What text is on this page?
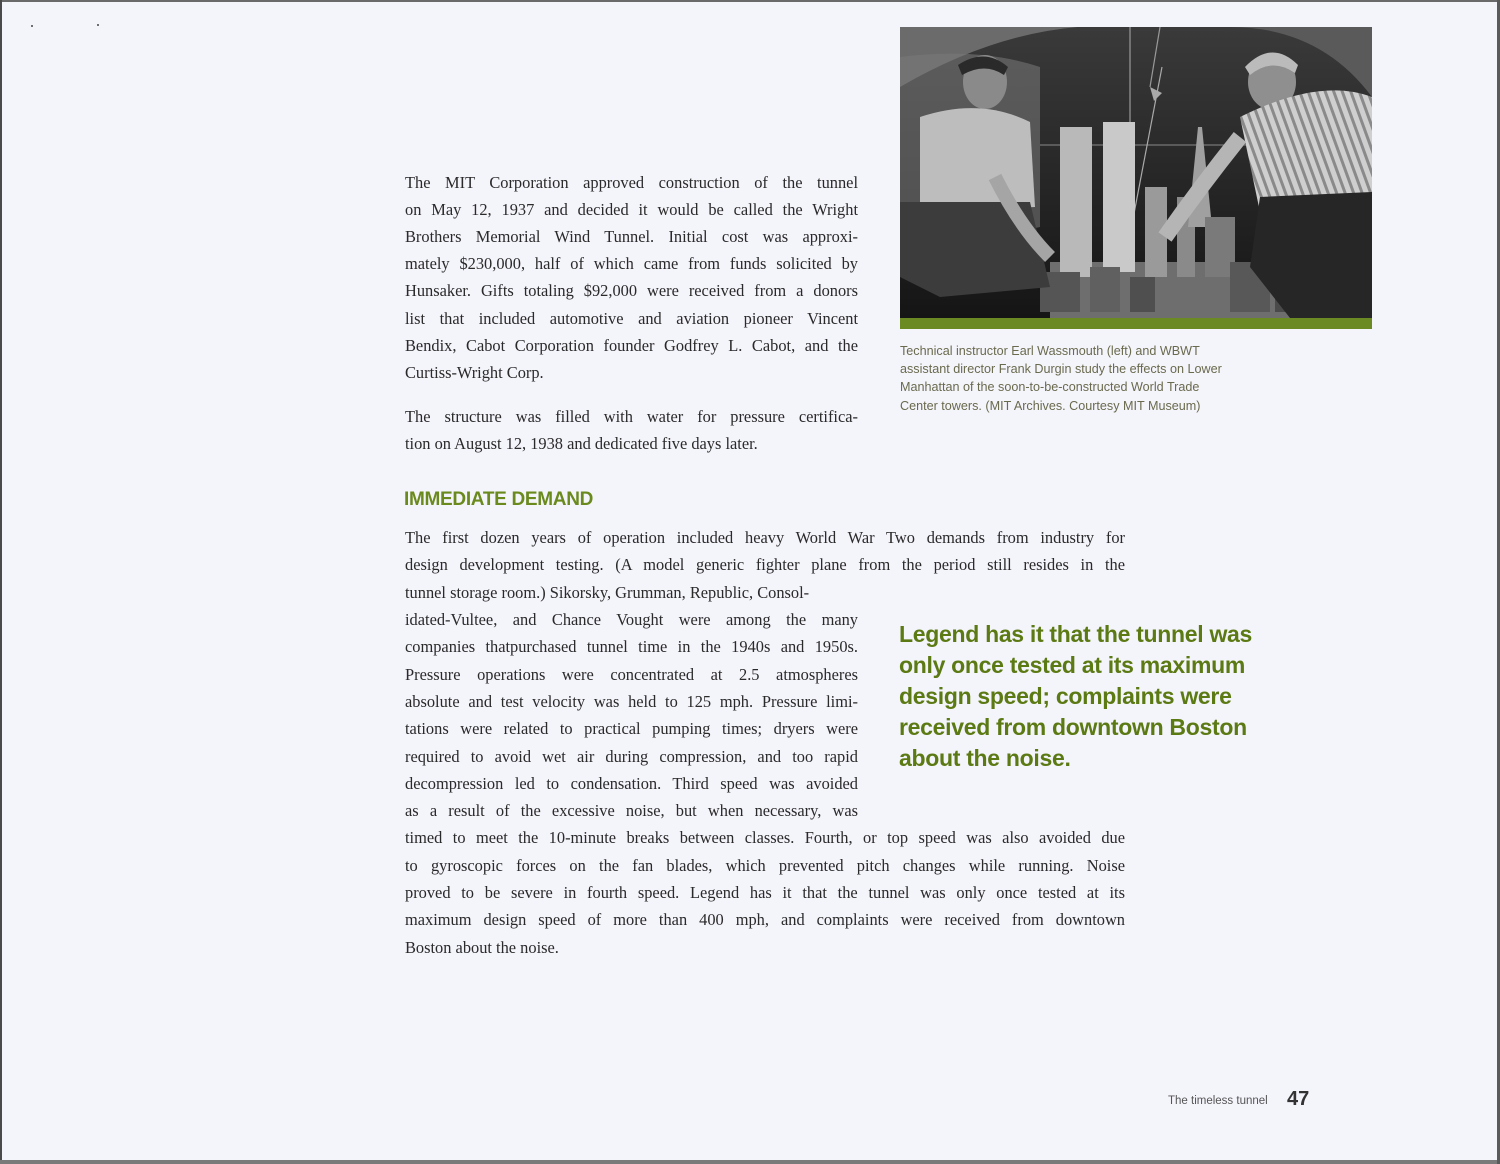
The MIT Corporation approved construction of the tunnel
on May 12, 1937 and decided it would be called the Wright
Brothers Memorial Wind Tunnel. Initial cost was approxi-
mately $230,000, half of which came from funds solicited by
Hunsaker. Gifts totaling $92,000 were received from a donors
list that included automotive and aviation pioneer Vincent
Bendix, Cabot Corporation founder Godfrey L. Cabot, and the
Curtiss-Wright Corp.
The structure was filled with water for pressure certifica-
tion on August 12, 1938 and dedicated five days later.
IMMEDIATE DEMAND
The first dozen years of operation included heavy World War Two demands from industry for
design development testing. (A model generic fighter plane from the period still resides in the
tunnel storage room.) Sikorsky, Grumman, Republic, Consol-
idated-Vultee, and Chance Vought were among the many
companies thatpurchased tunnel time in the 1940s and 1950s.
Pressure operations were concentrated at 2.5 atmospheres
absolute and test velocity was held to 125 mph. Pressure limi-
tations were related to practical pumping times; dryers were
required to avoid wet air during compression, and too rapid
decompression led to condensation. Third speed was avoided
as a result of the excessive noise, but when necessary, was
timed to meet the 10-minute breaks between classes. Fourth, or top speed was also avoided due
to gyroscopic forces on the fan blades, which prevented pitch changes while running. Noise
proved to be severe in fourth speed. Legend has it that the tunnel was only once tested at its
maximum design speed of more than 400 mph, and complaints were received from downtown
Boston about the noise.
Technical instructor Earl Wassmouth (left) and WBWT
assistant director Frank Durgin study the effects on Lower
Manhattan of the soon-to-be-constructed World Trade
Center towers. (MIT Archives. Courtesy MIT Museum)
Legend has it that the tunnel was
only once tested at its maximum
design speed; complaints were
received from downtown Boston
about the noise.
The timeless tunnel 47
